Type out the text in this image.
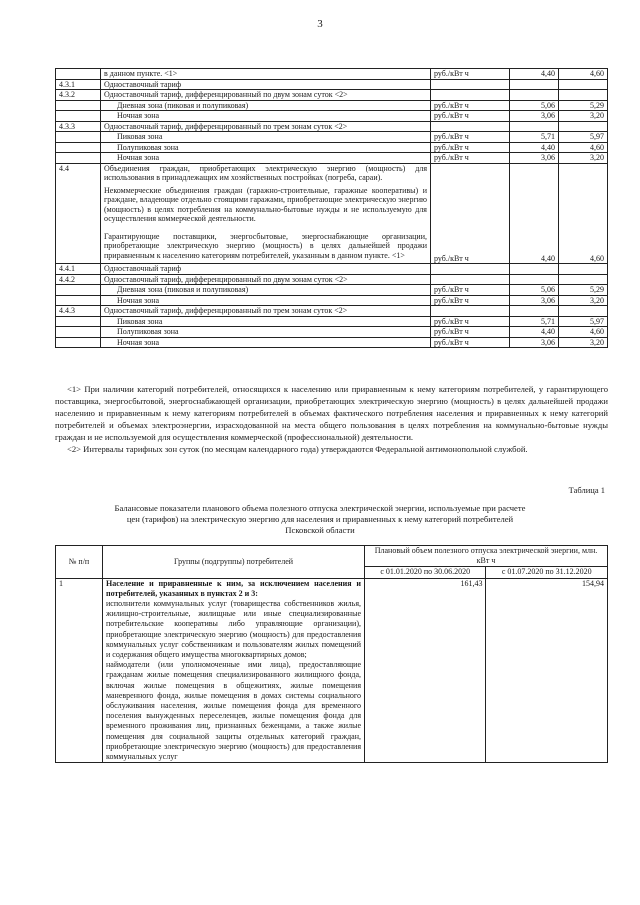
3
	в данном пункте. <1>	руб./кВт ч	4,40	4,60
4.3.1	Одноставочный тариф			
4.3.2	Одноставочный тариф, дифференцированный по двум зонам суток <2>			
	Дневная зона (пиковая и полупиковая)	руб./кВт ч	5,06	5,29
	Ночная зона	руб./кВт ч	3,06	3,20
4.3.3	Одноставочный тариф, дифференцированный по трем зонам суток <2>			
	Пиковая зона	руб./кВт ч	5,71	5,97
	Полупиковая зона	руб./кВт ч	4,40	4,60
	Ночная зона	руб./кВт ч	3,06	3,20
4.4	Объединения граждан, приобретающих электрическую энергию (мощность) для использования в принадлежащих им хозяйственных постройках (погреба, сараи).

Некоммерческие объединения граждан (гаражно-строительные, гаражные кооперативы) и граждане, владеющие отдельно стоящими гаражами, приобретающие электрическую энергию (мощность) в целях потребления на коммунально-бытовые нужды и не используемую для осуществления коммерческой деятельности.

Гарантирующие поставщики, энергосбытовые, энергоснабжающие организации, приобретающие электрическую энергию (мощность) в целях дальнейшей продажи приравненным к населению категориям потребителей, указанным в данном пункте. <1>	руб./кВт ч	4,40	4,60
4.4.1	Одноставочный тариф			
4.4.2	Одноставочный тариф, дифференцированный по двум зонам суток <2>			
	Дневная зона (пиковая и полупиковая)	руб./кВт ч	5,06	5,29
	Ночная зона	руб./кВт ч	3,06	3,20
4.4.3	Одноставочный тариф, дифференцированный по трем зонам суток <2>			
	Пиковая зона	руб./кВт ч	5,71	5,97
	Полупиковая зона	руб./кВт ч	4,40	4,60
	Ночная зона	руб./кВт ч	3,06	3,20

<1> При наличии категорий потребителей, относящихся к населению или приравненным к нему категориям потребителей, у гарантирующего поставщика, энергосбытовой, энергоснабжающей организации, приобретающих электрическую энергию (мощность) в целях дальнейшей продажи населению и приравненным к нему категориям потребителей в объемах фактического потребления населения и приравненных к нему категорий потребителей и объемах электроэнергии, израсходованной на места общего пользования в целях потребления на коммунально-бытовые нужды граждан и не используемой для осуществления коммерческой (профессиональной) деятельности.

<2> Интервалы тарифных зон суток (по месяцам календарного года) утверждаются Федеральной антимонопольной службой.

Таблица 1
Балансовые показатели планового объема полезного отпуска электрической энергии, используемые при расчете цен (тарифов) на электрическую энергию для населения и приравненных к нему категорий потребителей Псковской области
№ п/п	Группы (подгруппы) потребителей	Плановый объем полезного отпуска электрической энергии, млн. кВт ч	
		с 01.01.2020 по 30.06.2020	с 01.07.2020 по 31.12.2020
1	Население и приравненные к ним, за исключением населения и потребителей, указанных в пунктах 2 и 3:

исполнители коммунальных услуг (товарищества собственников жилья, жилищно-строительные, жилищные или иные специализированные потребительские кооперативы либо управляющие организации), приобретающие электрическую энергию (мощность) для предоставления коммунальных услуг собственникам и пользователям жилых помещений и содержания общего имущества многоквартирных домов;

наймодатели (или уполномоченные ими лица), предоставляющие гражданам жилые помещения специализированного жилищного фонда, включая жилые помещения в общежитиях, жилые помещения маневренного фонда, жилые помещения в домах системы социального обслуживания населения, жилые помещения фонда для временного поселения вынужденных переселенцев, жилые помещения фонда для временного проживания лиц, признанных беженцами, а также жилые помещения для социальной защиты отдельных категорий граждан, приобретающие электрическую энергию (мощность) для предоставления коммунальных услуг	161,43	154,94
